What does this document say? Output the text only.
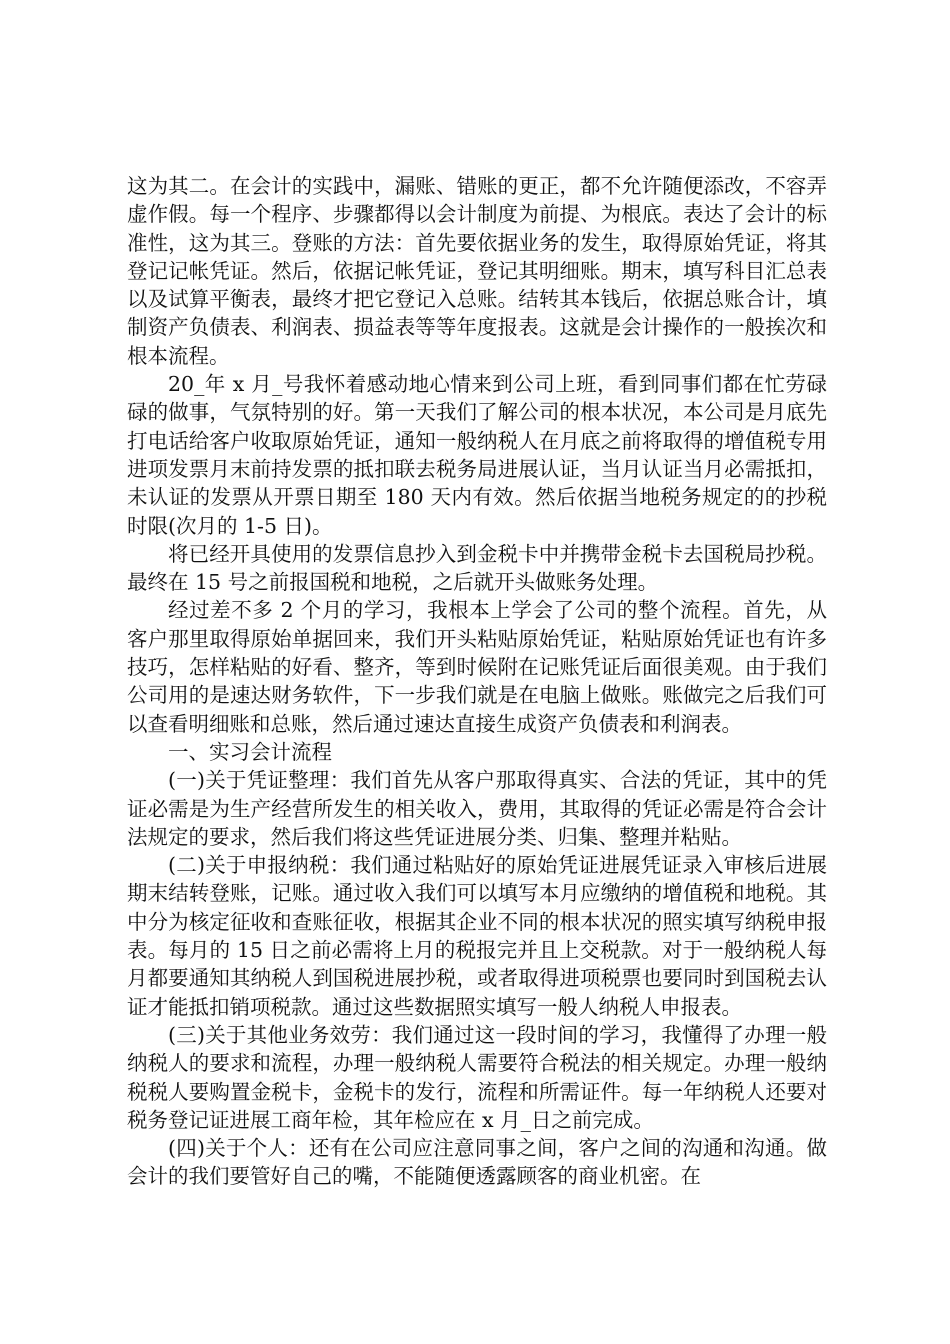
这为其二。在会计的实践中，漏账、错账的更正，都不允许随便添改，不容弄虚作假。每一个程序、步骤都得以会计制度为前提、为根底。表达了会计的标准性，这为其三。登账的方法：首先要依据业务的发生，取得原始凭证，将其登记记帐凭证。然后，依据记帐凭证，登记其明细账。期末，填写科目汇总表以及试算平衡表，最终才把它登记入总账。结转其本钱后，依据总账合计，填制资产负债表、利润表、损益表等等年度报表。这就是会计操作的一般挨次和根本流程。

20_年 x 月_号我怀着感动地心情来到公司上班，看到同事们都在忙劳碌碌的做事，气氛特别的好。第一天我们了解公司的根本状况，本公司是月底先打电话给客户收取原始凭证，通知一般纳税人在月底之前将取得的增值税专用进项发票月末前持发票的抵扣联去税务局进展认证，当月认证当月必需抵扣，未认证的发票从开票日期至 180 天内有效。然后依据当地税务规定的的抄税时限(次月的 1-5 日)。

将已经开具使用的发票信息抄入到金税卡中并携带金税卡去国税局抄税。最终在 15 号之前报国税和地税，之后就开头做账务处理。

经过差不多 2 个月的学习，我根本上学会了公司的整个流程。首先，从客户那里取得原始单据回来，我们开头粘贴原始凭证，粘贴原始凭证也有许多技巧，怎样粘贴的好看、整齐，等到时候附在记账凭证后面很美观。由于我们公司用的是速达财务软件，下一步我们就是在电脑上做账。账做完之后我们可以查看明细账和总账，然后通过速达直接生成资产负债表和利润表。

一、实习会计流程

(一)关于凭证整理：我们首先从客户那取得真实、合法的凭证，其中的凭证必需是为生产经营所发生的相关收入，费用，其取得的凭证必需是符合会计法规定的要求，然后我们将这些凭证进展分类、归集、整理并粘贴。

(二)关于申报纳税：我们通过粘贴好的原始凭证进展凭证录入审核后进展期末结转登账，记账。通过收入我们可以填写本月应缴纳的增值税和地税。其中分为核定征收和查账征收，根据其企业不同的根本状况的照实填写纳税申报表。每月的 15 日之前必需将上月的税报完并且上交税款。对于一般纳税人每月都要通知其纳税人到国税进展抄税，或者取得进项税票也要同时到国税去认证才能抵扣销项税款。通过这些数据照实填写一般人纳税人申报表。

(三)关于其他业务效劳：我们通过这一段时间的学习，我懂得了办理一般纳税人的要求和流程，办理一般纳税人需要符合税法的相关规定。办理一般纳税税人要购置金税卡，金税卡的发行，流程和所需证件。每一年纳税人还要对税务登记证进展工商年检，其年检应在 x 月_日之前完成。

(四)关于个人：还有在公司应注意同事之间，客户之间的沟通和沟通。做会计的我们要管好自己的嘴，不能随便透露顾客的商业机密。在
